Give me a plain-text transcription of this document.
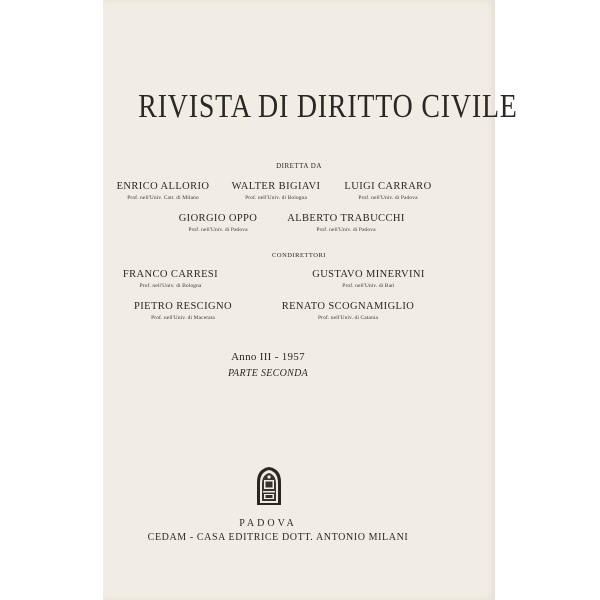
RIVISTA DI DIRITTO CIVILE
DIRETTA DA
ENRICO ALLORIO
Prof. nell'Univ. Catt. di Milano
WALTER BIGIAVI
Prof. nell'Univ. di Bologna
LUIGI CARRARO
Prof. nell'Univ. di Padova
GIORGIO OPPO
Prof. nell'Univ. di Padova
ALBERTO TRABUCCHI
Prof. nell'Univ. di Padova
CONDIRETTORI
FRANCO CARRESI
Prof. nell'Univ. di Bologna
GUSTAVO MINERVINI
Prof. nell'Univ. di Bari
PIETRO RESCIGNO
Prof. nell'Univ. di Macerata
RENATO SCOGNAMIGLIO
Prof. nell'Univ. di Catania
Anno III - 1957
PARTE SECONDA
PADOVA
CEDAM - CASA EDITRICE DOTT. ANTONIO MILANI
